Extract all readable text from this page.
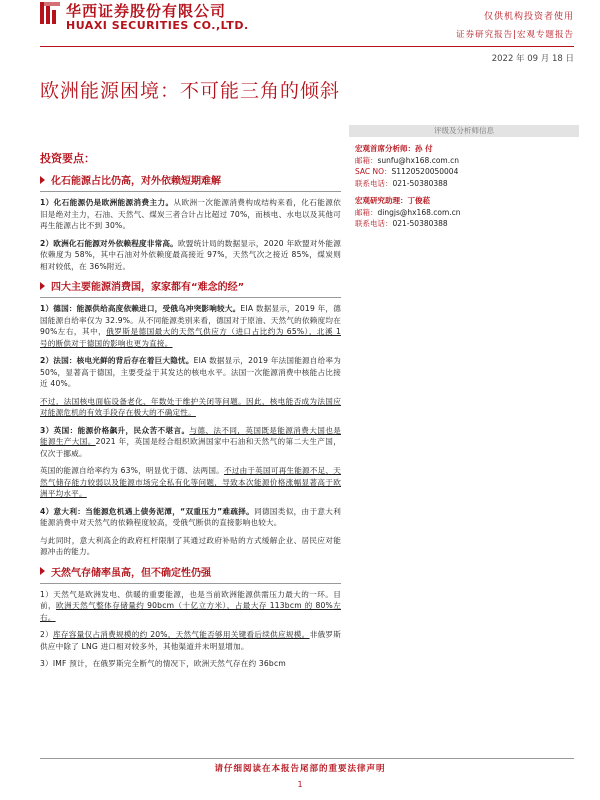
华西证券股份有限公司
HUAXI SECURITIES CO.,LTD.
仅供机构投资者使用
证券研究报告|宏观专题报告
2022 年 09 月 18 日
欧洲能源困境：不可能三角的倾斜
投资要点：
化石能源占比仍高，对外依赖短期难解

1）化石能源仍是欧洲能源消费主力。从欧洲一次能源消费构成结构来看，化石能源依旧是绝对主力，石油、天然气、煤炭三者合计占比超过 70%，而核电、水电以及其他可再生能源占比不到 30%。

2）欧洲化石能源对外依赖程度非常高。欧盟统计局的数据显示，2020 年欧盟对外能源依赖度为 58%，其中石油对外依赖度最高接近 97%，天然气次之接近 85%，煤炭则相对较低，在 36%附近。

四大主要能源消费国，家家都有“难念的经”

1）德国：能源供给高度依赖进口，受俄乌冲突影响较大。EIA 数据显示，2019 年，德国能源自给率仅为 32.9%。从不同能源类别来看，德国对于原油、天然气的依赖度均在 90%左右，其中，俄罗斯是德国最大的天然气供应方（进口占比约为 65%），北溪 1 号的断供对于德国的影响也更为直接。

2）法国：核电光鲜的背后存在着巨大隐忧。EIA 数据显示，2019 年法国能源自给率为 50%，显著高于德国，主要受益于其发达的核电水平。法国一次能源消费中核能占比接近 40%。

不过，法国核电面临设备老化、年数处于维护关闭等问题。因此，核电能否成为法国应对能源危机的有效手段存在极大的不确定性。

3）英国：能源价格飙升，民众苦不堪言。与德、法不同，英国既是能源消费大国也是能源生产大国。2021 年，英国是经合组织欧洲国家中石油和天然气的第二大生产国，仅次于挪威。

英国的能源自给率约为 63%，明显优于德、法两国。不过由于英国可再生能源不足、天然气储存能力较弱以及能源市场完全私有化等问题，导致本次能源价格涨幅显著高于欧洲平均水平。

4）意大利：当能源危机遇上债务泥潭，“双重压力”难疏择。同德国类似，由于意大利能源消费中对天然气的依赖程度较高，受俄气断供的直接影响也较大。

与此同时，意大利高企的政府杠杆限制了其通过政府补贴的方式缓解企业、居民应对能源冲击的能力。

天然气存储率虽高，但不确定性仍强

1）天然气是欧洲发电、供暖的重要能源，也是当前欧洲能源供需压力最大的一环。目前，欧洲天然气整体存储量约 90bcm（十亿立方米），占最大存 113bcm 的 80%左右。

2）库存容量仅占消费规模的约 20%，天然气能否够用关键看后续供应规模。非俄罗斯供应中除了 LNG 进口相对较多外，其他渠道并未明显增加。

3）IMF 预计，在俄罗斯完全断气的情况下，欧洲天然气存在约 36bcm

评级及分析师信息
宏观首席分析师：孙 付
邮箱：sunfu@hx168.com.cn
SAC NO：S1120520050004
联系电话：021-50380388
宏观研究助理：丁俊菘
邮箱：dingjs@hx168.com.cn
联系电话：021-50380388
请仔细阅读在本报告尾部的重要法律声明
1
